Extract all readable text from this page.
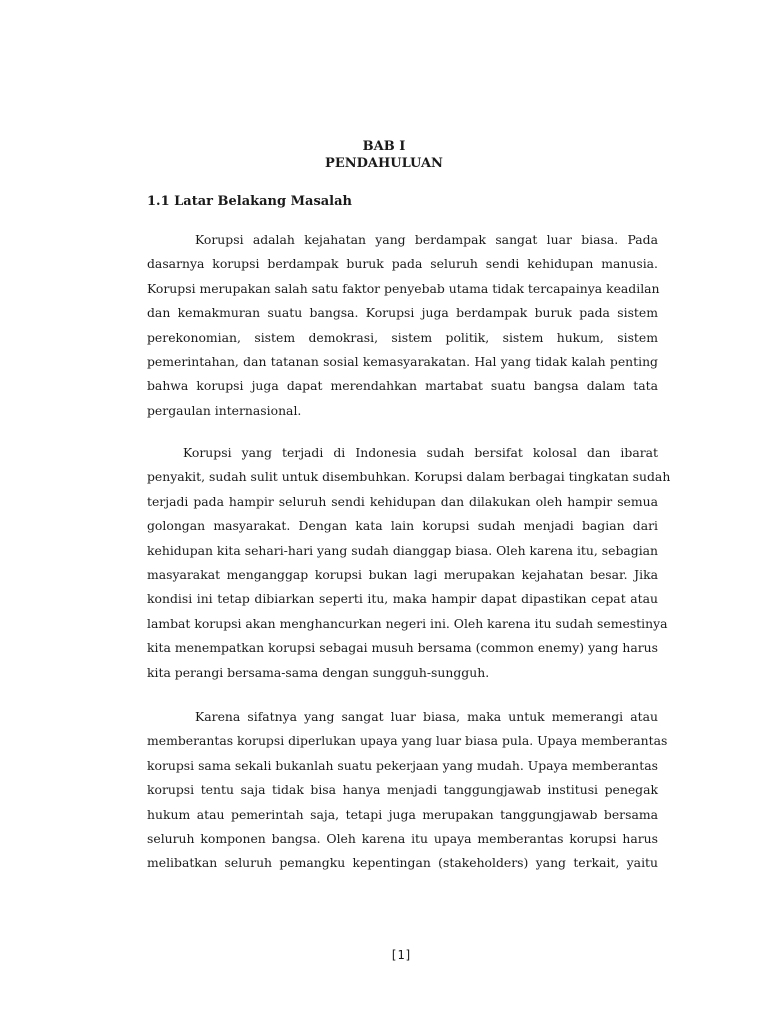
BAB I
PENDAHULUAN
1.1 Latar Belakang Masalah
Korupsi adalah kejahatan yang berdampak sangat luar biasa. Pada
dasarnya korupsi berdampak buruk pada seluruh sendi kehidupan manusia.
Korupsi merupakan salah satu faktor penyebab utama tidak tercapainya keadilan
dan kemakmuran suatu bangsa. Korupsi juga berdampak buruk pada sistem
perekonomian, sistem demokrasi, sistem politik, sistem hukum, sistem
pemerintahan, dan tatanan sosial kemasyarakatan. Hal yang tidak kalah penting
bahwa korupsi juga dapat merendahkan martabat suatu bangsa dalam tata
pergaulan internasional.
Korupsi yang terjadi di Indonesia sudah bersifat kolosal dan ibarat
penyakit, sudah sulit untuk disembuhkan. Korupsi dalam berbagai tingkatan sudah
terjadi pada hampir seluruh sendi kehidupan dan dilakukan oleh hampir semua
golongan masyarakat. Dengan kata lain korupsi sudah menjadi bagian dari
kehidupan kita sehari-hari yang sudah dianggap biasa. Oleh karena itu, sebagian
masyarakat menganggap korupsi bukan lagi merupakan kejahatan besar. Jika
kondisi ini tetap dibiarkan seperti itu, maka hampir dapat dipastikan cepat atau
lambat korupsi akan menghancurkan negeri ini. Oleh karena itu sudah semestinya
kita menempatkan korupsi sebagai musuh bersama (common enemy) yang harus
kita perangi bersama-sama dengan sungguh-sungguh.
Karena sifatnya yang sangat luar biasa, maka untuk memerangi atau
memberantas korupsi diperlukan upaya yang luar biasa pula. Upaya memberantas
korupsi sama sekali bukanlah suatu pekerjaan yang mudah. Upaya memberantas
korupsi tentu saja tidak bisa hanya menjadi tanggungjawab institusi penegak
hukum atau pemerintah saja, tetapi juga merupakan tanggungjawab bersama
seluruh komponen bangsa. Oleh karena itu upaya memberantas korupsi harus
melibatkan seluruh pemangku kepentingan (stakeholders) yang terkait, yaitu
[1]
